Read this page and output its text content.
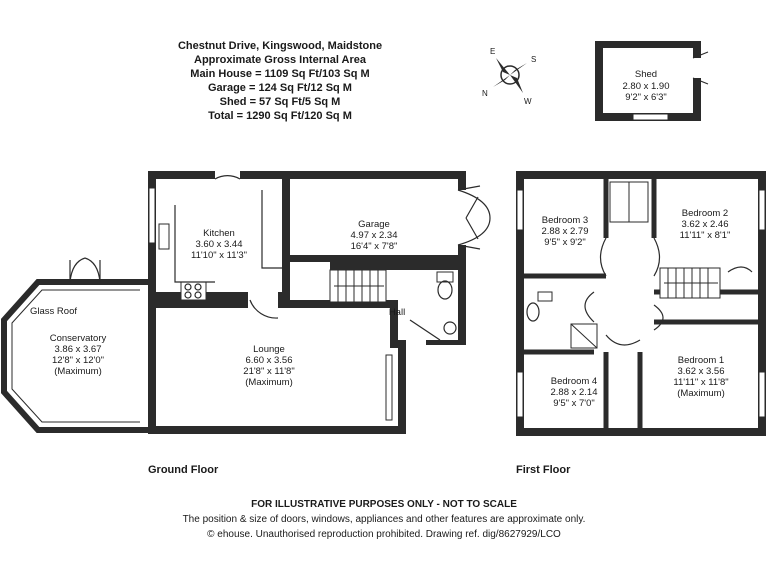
Chestnut Drive, Kingswood, Maidstone
Approximate Gross Internal Area
Main House = 1109 Sq Ft/103 Sq M
Garage = 124 Sq Ft/12 Sq M
Shed = 57 Sq Ft/5 Sq M
Total = 1290 Sq Ft/120 Sq M
E
S
N
W
Shed
2.80 x 1.90
9'2" x 6'3"
Glass Roof
Conservatory
3.86 x 3.67
12'8" x 12'0"
(Maximum)
Garage
4.97 x 2.34
16'4" x 7'8"
Kitchen
3.60 x 3.44
11'10" x 11'3"
Lounge
6.60 x 3.56
21'8" x 11'8"
(Maximum)
Hall
Ground Floor
Bedroom 3
2.88 x 2.79
9'5" x 9'2"
Bedroom 2
3.62 x 2.46
11'11" x 8'1"
Bedroom 4
2.88 x 2.14
9'5" x 7'0"
Bedroom 1
3.62 x 3.56
11'11" x 11'8"
(Maximum)
First Floor
FOR ILLUSTRATIVE PURPOSES ONLY - NOT TO SCALE
The position & size of doors, windows, appliances and other features are approximate only.
© ehouse. Unauthorised reproduction prohibited. Drawing ref. dig/8627929/LCO
